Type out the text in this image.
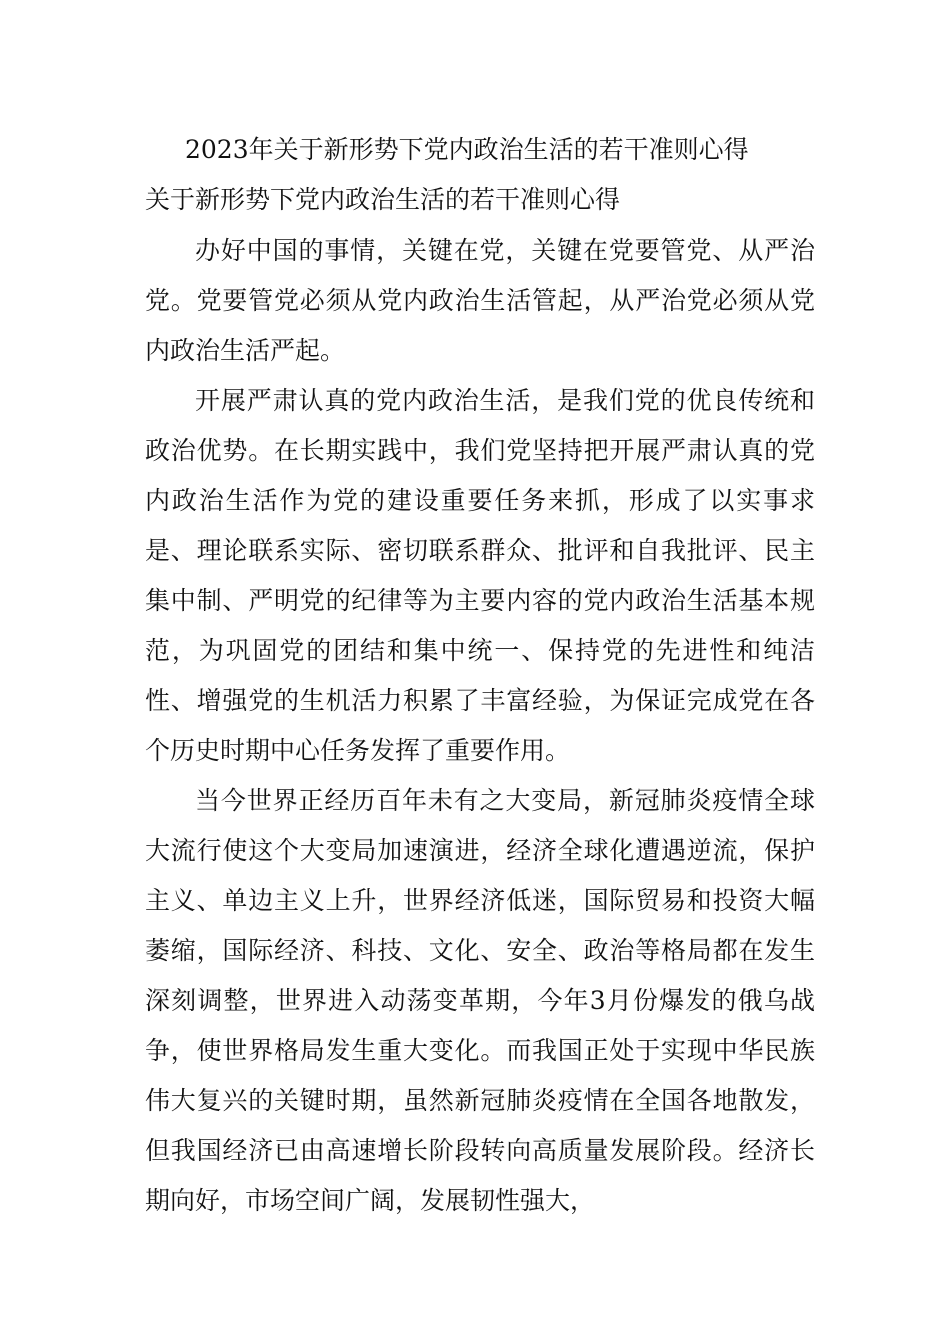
2023年关于新形势下党内政治生活的若干准则心得
关于新形势下党内政治生活的若干准则心得

办好中国的事情，关键在党，关键在党要管党、从严治党。党要管党必须从党内政治生活管起，从严治党必须从党内政治生活严起。

开展严肃认真的党内政治生活，是我们党的优良传统和政治优势。在长期实践中，我们党坚持把开展严肃认真的党内政治生活作为党的建设重要任务来抓，形成了以实事求是、理论联系实际、密切联系群众、批评和自我批评、民主集中制、严明党的纪律等为主要内容的党内政治生活基本规范，为巩固党的团结和集中统一、保持党的先进性和纯洁性、增强党的生机活力积累了丰富经验，为保证完成党在各个历史时期中心任务发挥了重要作用。

当今世界正经历百年未有之大变局，新冠肺炎疫情全球大流行使这个大变局加速演进，经济全球化遭遇逆流，保护主义、单边主义上升，世界经济低迷，国际贸易和投资大幅萎缩，国际经济、科技、文化、安全、政治等格局都在发生深刻调整，世界进入动荡变革期，今年3月份爆发的俄乌战争，使世界格局发生重大变化。而我国正处于实现中华民族伟大复兴的关键时期，虽然新冠肺炎疫情在全国各地散发，但我国经济已由高速增长阶段转向高质量发展阶段。经济长期向好，市场空间广阔，发展韧性强大，
